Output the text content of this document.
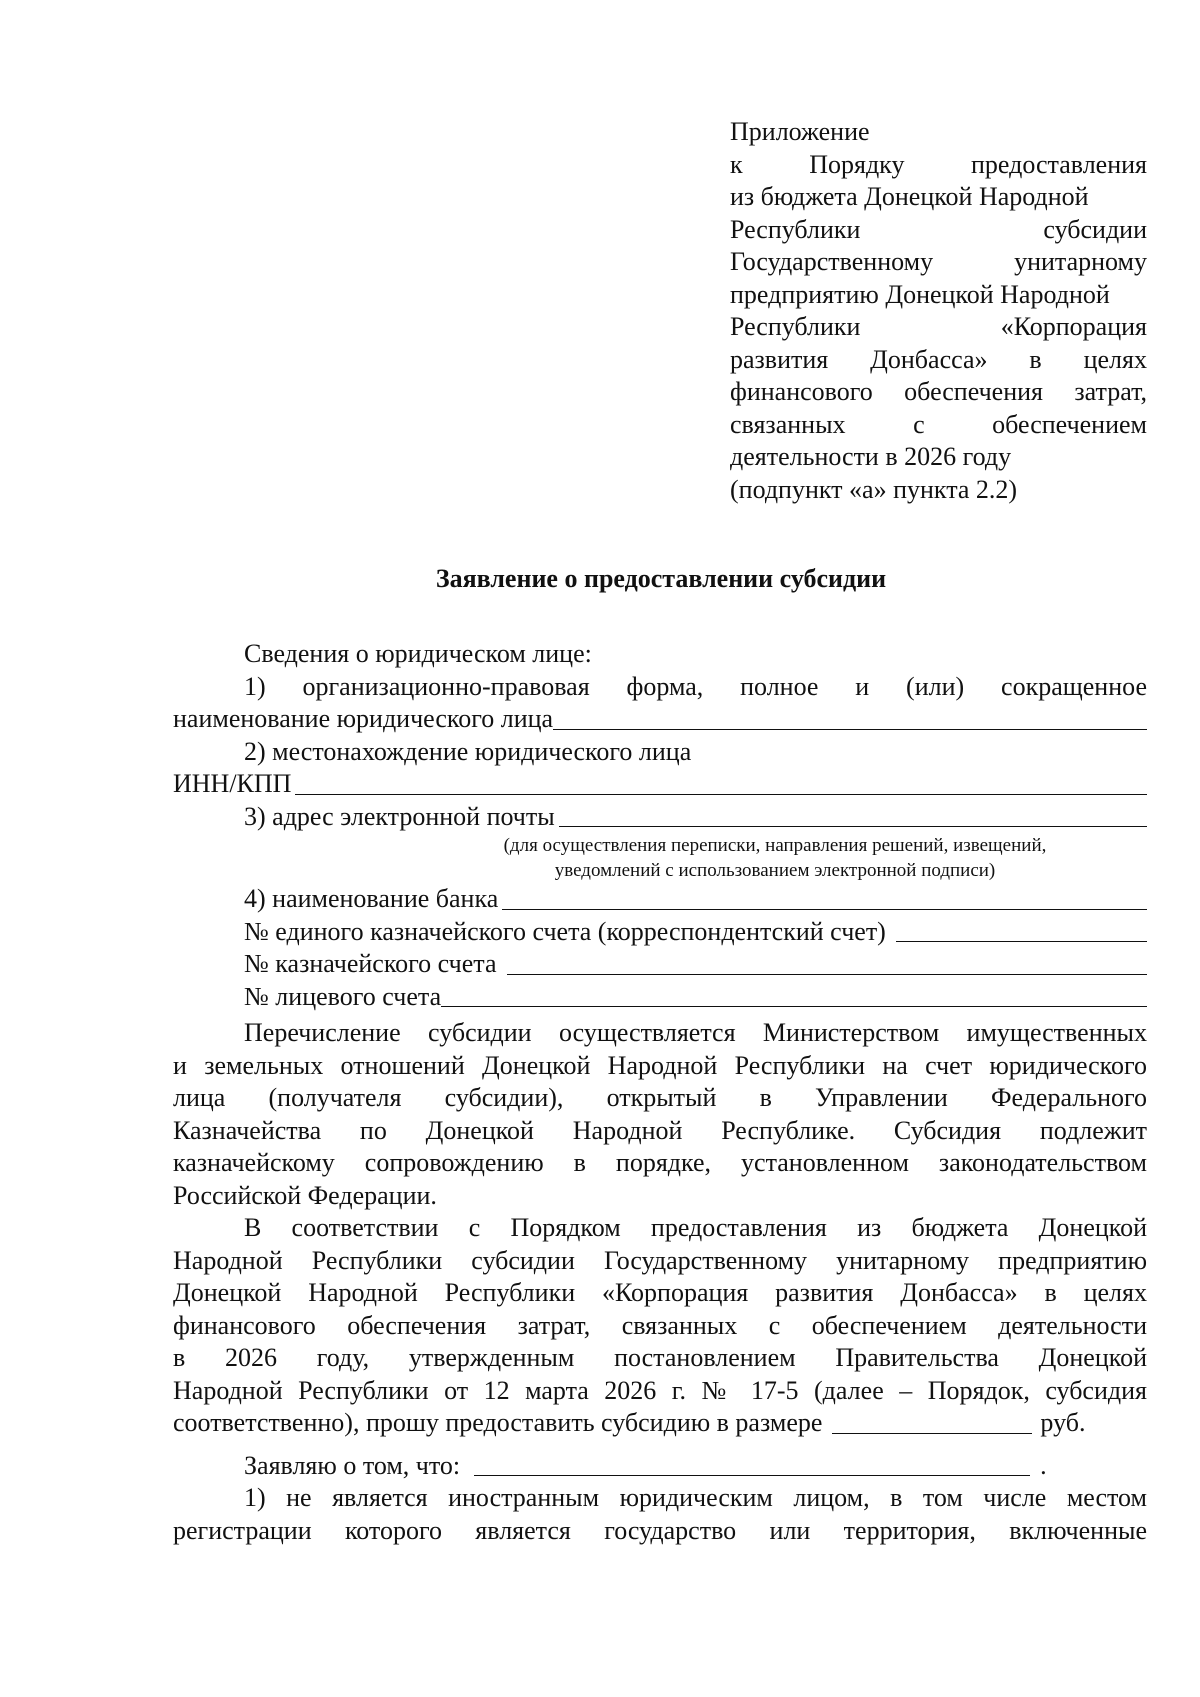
Приложение
к Порядку предоставления
из бюджета Донецкой Народной
Республики субсидии
Государственному унитарному
предприятию Донецкой Народной
Республики «Корпорация
развития Донбасса» в целях
финансового обеспечения затрат,
связанных с обеспечением
деятельности в 2026 году
(подпункт «а» пункта 2.2)
Заявление о предоставлении субсидии
Сведения о юридическом лице:
1) организационно-правовая форма, полное и (или) сокращенное
наименование юридического лица
2) местонахождение юридического лица
ИНН/КПП
3) адрес электронной почты
(для осуществления переписки, направления решений, извещений,
уведомлений с использованием электронной подписи)
4) наименование банка
№ единого казначейского счета (корреспондентский счет)
№ казначейского счета
№ лицевого счета
Перечисление субсидии осуществляется Министерством имущественных
и земельных отношений Донецкой Народной Республики на счет юридического
лица (получателя субсидии), открытый в Управлении Федерального
Казначейства по Донецкой Народной Республике. Субсидия подлежит
казначейскому сопровождению в порядке, установленном законодательством
Российской Федерации.
В соответствии с Порядком предоставления из бюджета Донецкой
Народной Республики субсидии Государственному унитарному предприятию
Донецкой Народной Республики «Корпорация развития Донбасса» в целях
финансового обеспечения затрат, связанных с обеспечением деятельности
в 2026 году, утвержденным постановлением Правительства Донецкой
Народной Республики от 12 марта 2026 г. № 17-5 (далее – Порядок, субсидия
соответственно), прошу предоставить субсидию в размере	руб.
Заявляю о том, что:	.
1) не является иностранным юридическим лицом, в том числе местом
регистрации которого является государство или территория, включенные
